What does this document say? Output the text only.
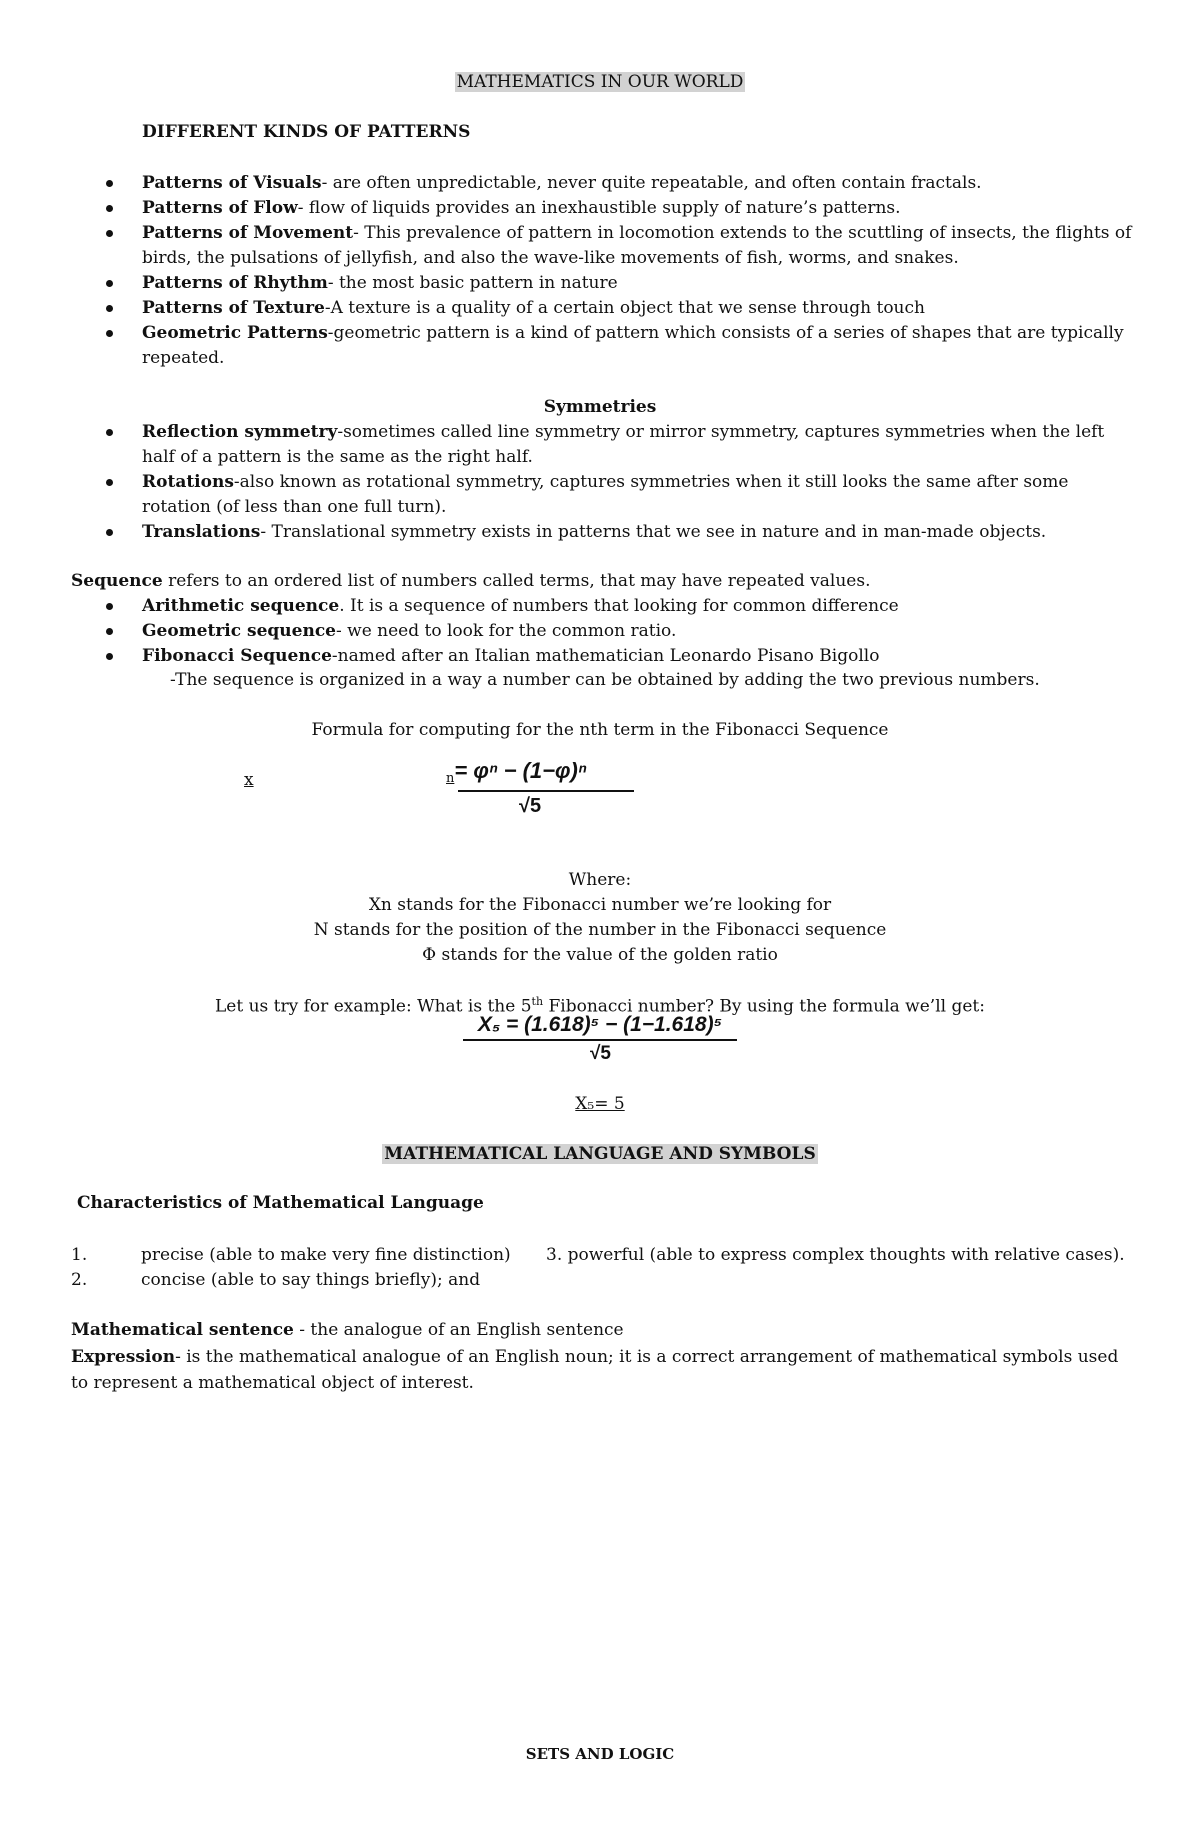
MATHEMATICS IN OUR WORLD
DIFFERENT KINDS OF PATTERNS
Patterns of Visuals- are often unpredictable, never quite repeatable, and often contain fractals.
Patterns of Flow- flow of liquids provides an inexhaustible supply of nature’s patterns.
Patterns of Movement- This prevalence of pattern in locomotion extends to the scuttling of insects, the flights of birds, the pulsations of jellyfish, and also the wave-like movements of fish, worms, and snakes.
Patterns of Rhythm- the most basic pattern in nature
Patterns of Texture-A texture is a quality of a certain object that we sense through touch
Geometric Patterns-geometric pattern is a kind of pattern which consists of a series of shapes that are typically repeated.
Symmetries
Reflection symmetry-sometimes called line symmetry or mirror symmetry, captures symmetries when the left half of a pattern is the same as the right half.
Rotations-also known as rotational symmetry, captures symmetries when it still looks the same after some rotation (of less than one full turn).
Translations- Translational symmetry exists in patterns that we see in nature and in man-made objects.
Sequence refers to an ordered list of numbers called terms, that may have repeated values.
Arithmetic sequence. It is a sequence of numbers that looking for common difference
Geometric sequence- we need to look for the common ratio.
Fibonacci Sequence-named after an Italian mathematician Leonardo Pisano Bigollo
-The sequence is organized in a way a number can be obtained by adding the two previous numbers.
Formula for computing for the nth term in the Fibonacci Sequence
x	$_n$= φⁿ − (1−φ)ⁿ
√5
Where:
Xn stands for the Fibonacci number we’re looking for
N stands for the position of the number in the Fibonacci sequence
Φ stands for the value of the golden ratio
Let us try for example: What is the 5th Fibonacci number? By using the formula we’ll get:
X₅ = (1.618)⁵ − (1−1.618)⁵
√5
X₅= 5
MATHEMATICAL LANGUAGE AND SYMBOLS
Characteristics of Mathematical Language
1.	precise (able to make very fine distinction) 3. powerful (able to express complex thoughts with relative cases).
2.	concise (able to say things briefly); and
Mathematical sentence - the analogue of an English sentence
Expression- is the mathematical analogue of an English noun; it is a correct arrangement of mathematical symbols used to represent a mathematical object of interest.
SETS AND LOGIC
